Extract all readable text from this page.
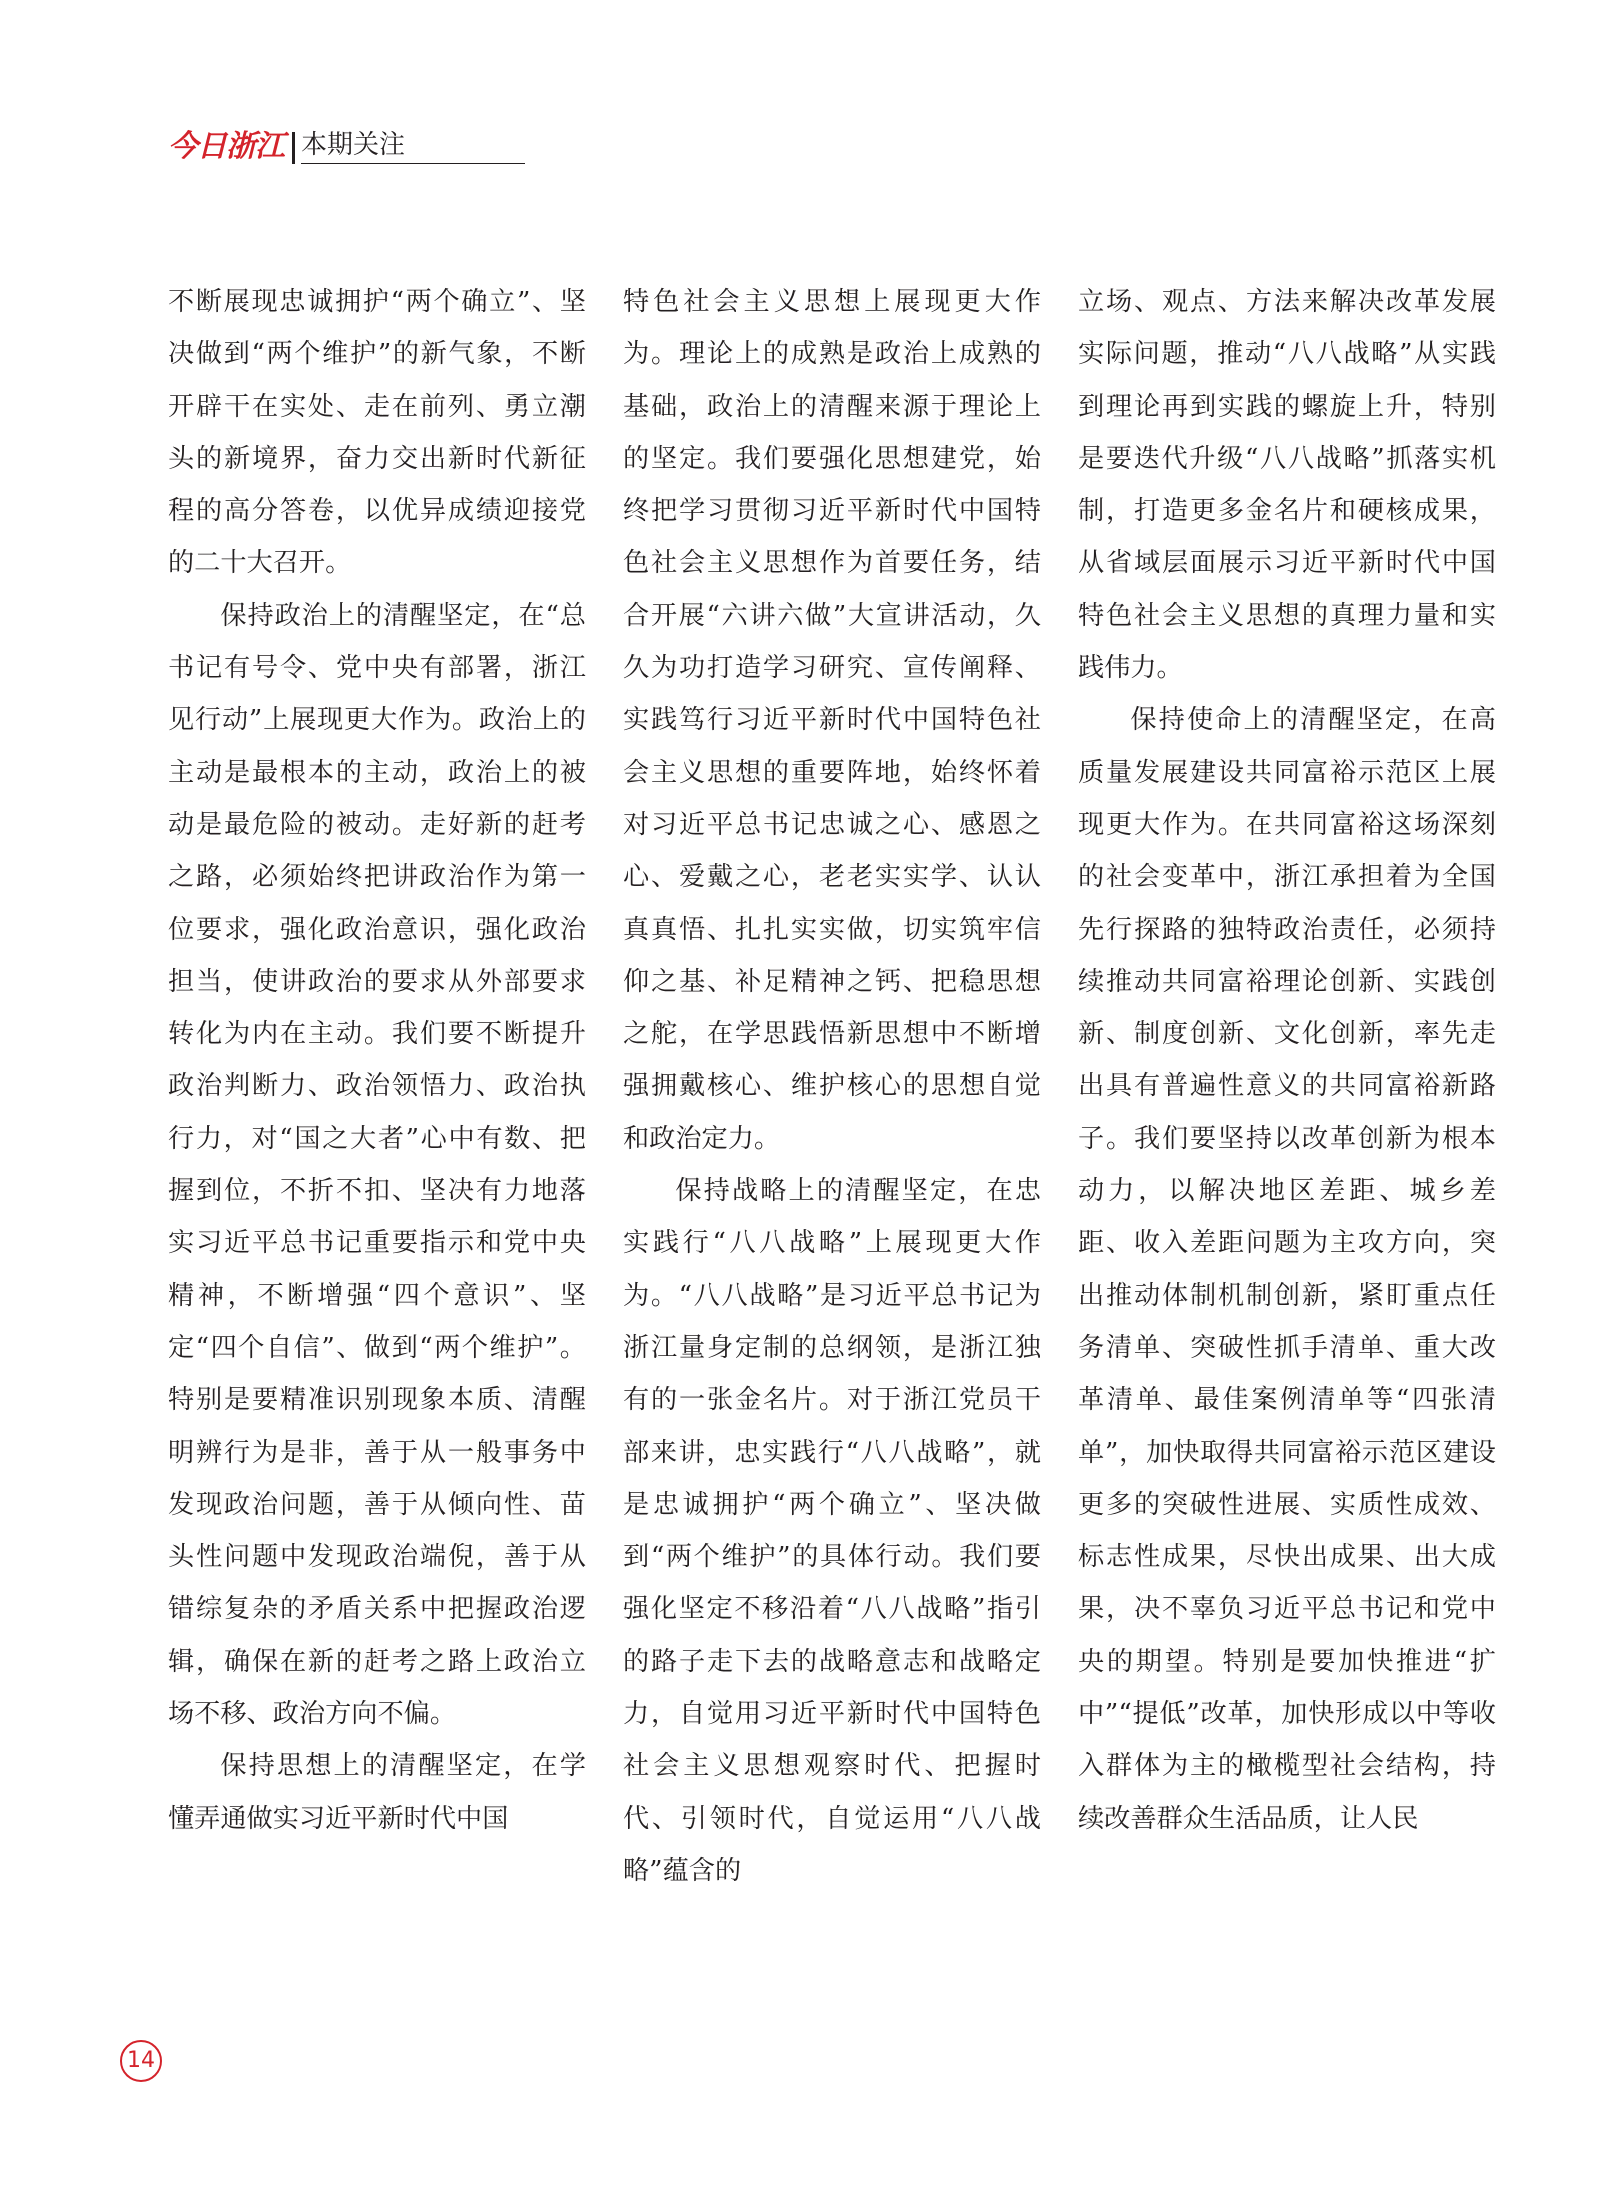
今日浙江 本期关注

不断展现忠诚拥护“两个确立”、坚决做到“两个维护”的新气象，不断开辟干在实处、走在前列、勇立潮头的新境界，奋力交出新时代新征程的高分答卷，以优异成绩迎接党的二十大召开。

保持政治上的清醒坚定，在“总书记有号令、党中央有部署，浙江见行动”上展现更大作为。政治上的主动是最根本的主动，政治上的被动是最危险的被动。走好新的赶考之路，必须始终把讲政治作为第一位要求，强化政治意识，强化政治担当，使讲政治的要求从外部要求转化为内在主动。我们要不断提升政治判断力、政治领悟力、政治执行力，对“国之大者”心中有数、把握到位，不折不扣、坚决有力地落实习近平总书记重要指示和党中央精神，不断增强“四个意识”、坚定“四个自信”、做到“两个维护”。特别是要精准识别现象本质、清醒明辨行为是非，善于从一般事务中发现政治问题，善于从倾向性、苗头性问题中发现政治端倪，善于从错综复杂的矛盾关系中把握政治逻辑，确保在新的赶考之路上政治立场不移、政治方向不偏。

保持思想上的清醒坚定，在学懂弄通做实习近平新时代中国

特色社会主义思想上展现更大作为。理论上的成熟是政治上成熟的基础，政治上的清醒来源于理论上的坚定。我们要强化思想建党，始终把学习贯彻习近平新时代中国特色社会主义思想作为首要任务，结合开展“六讲六做”大宣讲活动，久久为功打造学习研究、宣传阐释、实践笃行习近平新时代中国特色社会主义思想的重要阵地，始终怀着对习近平总书记忠诚之心、感恩之心、爱戴之心，老老实实学、认认真真悟、扎扎实实做，切实筑牢信仰之基、补足精神之钙、把稳思想之舵，在学思践悟新思想中不断增强拥戴核心、维护核心的思想自觉和政治定力。

保持战略上的清醒坚定，在忠实践行“八八战略”上展现更大作为。“八八战略”是习近平总书记为浙江量身定制的总纲领，是浙江独有的一张金名片。对于浙江党员干部来讲，忠实践行“八八战略”，就是忠诚拥护“两个确立”、坚决做到“两个维护”的具体行动。我们要强化坚定不移沿着“八八战略”指引的路子走下去的战略意志和战略定力，自觉用习近平新时代中国特色社会主义思想观察时代、把握时代、引领时代，自觉运用“八八战略”蕴含的

立场、观点、方法来解决改革发展实际问题，推动“八八战略”从实践到理论再到实践的螺旋上升，特别是要迭代升级“八八战略”抓落实机制，打造更多金名片和硬核成果，从省域层面展示习近平新时代中国特色社会主义思想的真理力量和实践伟力。

保持使命上的清醒坚定，在高质量发展建设共同富裕示范区上展现更大作为。在共同富裕这场深刻的社会变革中，浙江承担着为全国先行探路的独特政治责任，必须持续推动共同富裕理论创新、实践创新、制度创新、文化创新，率先走出具有普遍性意义的共同富裕新路子。我们要坚持以改革创新为根本动力，以解决地区差距、城乡差距、收入差距问题为主攻方向，突出推动体制机制创新，紧盯重点任务清单、突破性抓手清单、重大改革清单、最佳案例清单等“四张清单”，加快取得共同富裕示范区建设更多的突破性进展、实质性成效、标志性成果，尽快出成果、出大成果，决不辜负习近平总书记和党中央的期望。特别是要加快推进“扩中”“提低”改革，加快形成以中等收入群体为主的橄榄型社会结构，持续改善群众生活品质，让人民

14
